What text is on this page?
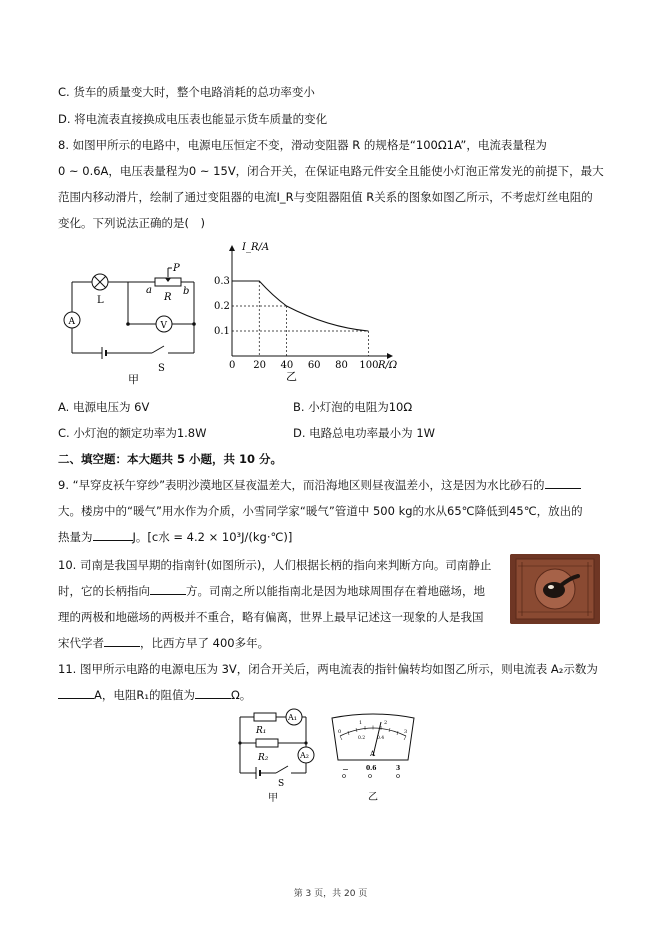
C. 货车的质量变大时，整个电路消耗的总功率变小
D. 将电流表直接换成电压表也能显示货车质量的变化
8. 如图甲所示的电路中，电源电压恒定不变，滑动变阻器 R 的规格是“100Ω1A”，电流表量程为
0 ~ 0.6A，电压表量程为0 ~ 15V，闭合开关，在保证电路元件安全且能使小灯泡正常发光的前提下，最大
范围内移动滑片，绘制了通过变阻器的电流I_R与变阻器阻值 R关系的图象如图乙所示，不考虑灯丝电阻的
变化。下列说法正确的是(　)
L
P
a
R
b
A	V
S
甲
0 20 40 60 80 100
0.1
0.2
0.3
I_R/A
R/Ω
乙
A. 电源电压为 6V	B. 小灯泡的电阻为10Ω
C. 小灯泡的额定功率为1.8W	D. 电路总电功率最小为 1W
二、填空题：本大题共 5 小题，共 10 分。
9. “早穿皮袄午穿纱”表明沙漠地区昼夜温差大，而沿海地区则昼夜温差小，这是因为水比砂石的
大。楼房中的“暖气”用水作为介质，小雪同学家“暖气”管道中 500 kg的水从65℃降低到45℃，放出的
热量为	J。[c水 = 4.2 × 10³J/(kg·℃)]
10. 司南是我国早期的指南针(如图所示)，人们根据长柄的指向来判断方向。司南静止
时，它的长柄指向	方。司南之所以能指南北是因为地球周围存在着地磁场，地
理的两极和地磁场的两极并不重合，略有偏离，世界上最早记述这一现象的人是我国
宋代学者	，比西方早了 400多年。
11. 图甲所示电路的电源电压为 3V，闭合开关后，两电流表的指针偏转均如图乙所示，则电流表 A₂示数为
A，电阻R₁的阻值为	Ω。
R₁
R₂
A₁
A₂
S
甲
0
1	2
3
0.2	0.4
A
−	0.6	3
乙
第 3 页，共 20 页
